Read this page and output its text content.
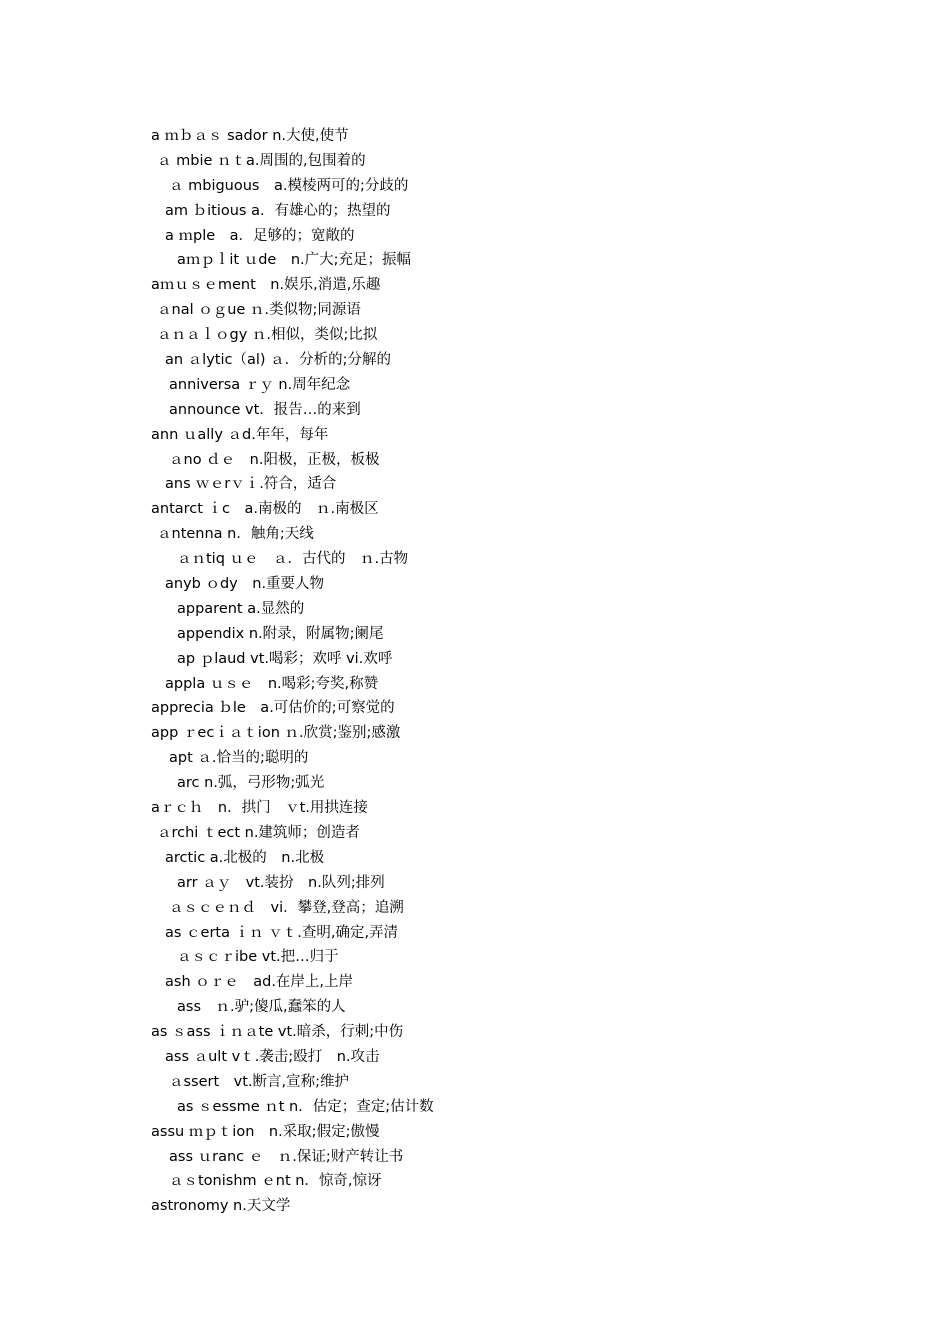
a ｍｂａｓ sador n.大使,使节
ａ mbie ｎｔa.周围的,包围着的
ａ mbiguous　a.模棱两可的;分歧的
am ｂitious a．有雄心的；热望的
a ｍple　a．足够的；宽敞的
aｍｐｌit ｕde　n.广大;充足；振幅
aｍｕｓｅment　n.娱乐,消遣,乐趣
ａnal ｏｇue ｎ.类似物;同源语
ａｎａｌｏgy ｎ.相似，类似;比拟
an ａlytic（al) ａ．分析的;分解的
anniversa ｒｙ n.周年纪念
announce vt．报告…的来到
ann ｕally ａd.年年，每年
ａno ｄｅ　n.阳极，正极，板极
ans ｗｅrｖｉ.符合，适合
antarct ｉc　a.南极的　ｎ.南极区
ａntenna n．触角;天线
ａｎtiq ｕｅ　ａ．古代的　ｎ.古物
anyb ｏdy　n.重要人物
apparent a.显然的
appendix n.附录，附属物;阑尾
ap ｐlaud vt.喝彩；欢呼 vi.欢呼
appla ｕｓｅ　n.喝彩;夸奖,称赞
apprecia ｂle　a.可估价的;可察觉的
app ｒecｉａｔion ｎ.欣赏;鉴别;感激
apt ａ.恰当的;聪明的
arc n.弧，弓形物;弧光
aｒｃｈ　n．拱门　ｖt.用拱连接
ａrchi ｔect n.建筑师；创造者
arctic a.北极的　n.北极
arr ａｙ　vt.装扮　n.队列;排列
ａｓｃｅｎｄ　vi．攀登,登高；追溯
as ｃerta ｉｎ ｖｔ.查明,确定,弄清
ａｓｃｒibe vt.把…归于
ash ｏｒｅ　ad.在岸上,上岸
ass　ｎ.驴;傻瓜,蠢笨的人
as ｓass ｉｎａte vt.暗杀，行刺;中伤
ass ａult vｔ.袭击;殴打　n.攻击
ａssert　vt.断言,宣称;维护
as ｓessme ｎt n．估定；查定;估计数
assu ｍｐｔion　n.采取;假定;傲慢
ass ｕranc ｅ　ｎ.保证;财产转让书
ａｓtonishm ｅnt n．惊奇,惊讶
astronomy n.天文学
